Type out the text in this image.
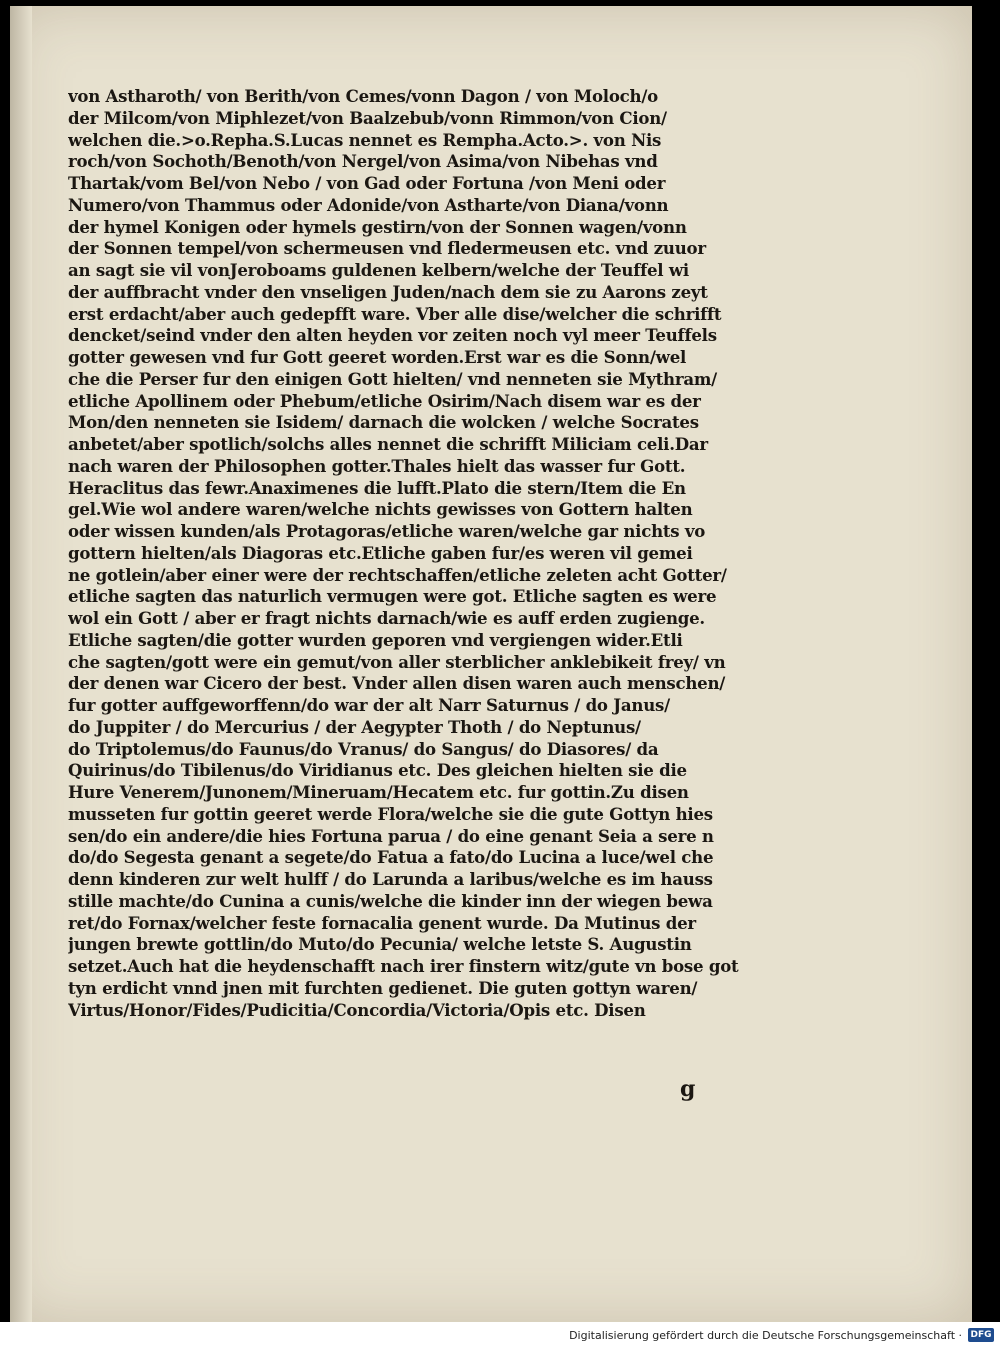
von Astharoth/ von Berith/von Cemes/vonn Dagon / von Moloch/o
der Milcom/von Miphlezet/von Baalzebub/vonn Rimmon/von Cion/
welchen die.>o.Repha.S.Lucas nennet es Rempha.Acto.>. von Nis
roch/von Sochoth/Benoth/von Nergel/von Asima/von Nibehas vnd
Thartak/vom Bel/von Nebo / von Gad oder Fortuna /von Meni oder
Numero/von Thammus oder Adonide/von Astharte/von Diana/vonn
der hymel Konigen oder hymels gestirn/von der Sonnen wagen/vonn
der Sonnen tempel/von schermeusen vnd fledermeusen etc. vnd zuuor
an sagt sie vil vonJeroboams guldenen kelbern/welche der Teuffel wi
der auffbracht vnder den vnseligen Juden/nach dem sie zu Aarons zeyt
erst erdacht/aber auch gedepfft ware. Vber alle dise/welcher die schrifft
dencket/seind vnder den alten heyden vor zeiten noch vyl meer Teuffels
gotter gewesen vnd fur Gott geeret worden.Erst war es die Sonn/wel
che die Perser fur den einigen Gott hielten/ vnd nenneten sie Mythram/
etliche Apollinem oder Phebum/etliche Osirim/Nach disem war es der
Mon/den nenneten sie Isidem/ darnach die wolcken / welche Socrates
anbetet/aber spotlich/solchs alles nennet die schrifft Miliciam celi.Dar
nach waren der Philosophen gotter.Thales hielt das wasser fur Gott.
Heraclitus das fewr.Anaximenes die lufft.Plato die stern/Item die En
gel.Wie wol andere waren/welche nichts gewisses von Gottern halten
oder wissen kunden/als Protagoras/etliche waren/welche gar nichts vo
gottern hielten/als Diagoras etc.Etliche gaben fur/es weren vil gemei
ne gotlein/aber einer were der rechtschaffen/etliche zeleten acht Gotter/
etliche sagten das naturlich vermugen were got. Etliche sagten es were
wol ein Gott / aber er fragt nichts darnach/wie es auff erden zugienge.
Etliche sagten/die gotter wurden geporen vnd vergiengen wider.Etli
che sagten/gott were ein gemut/von aller sterblicher anklebikeit frey/ vn
der denen war Cicero der best. Vnder allen disen waren auch menschen/
fur gotter auffgeworffenn/do war der alt Narr Saturnus / do Janus/
do Juppiter / do Mercurius / der Aegypter Thoth / do Neptunus/
do Triptolemus/do Faunus/do Vranus/ do Sangus/ do Diasores/ da
Quirinus/do Tibilenus/do Viridianus etc. Des gleichen hielten sie die
Hure Venerem/Junonem/Mineruam/Hecatem etc. fur gottin.Zu disen
musseten fur gottin geeret werde Flora/welche sie die gute Gottyn hies
sen/do ein andere/die hies Fortuna parua / do eine genant Seia a sere n
do/do Segesta genant a segete/do Fatua a fato/do Lucina a luce/wel che
denn kinderen zur welt hulff / do Larunda a laribus/welche es im hauss
stille machte/do Cunina a cunis/welche die kinder inn der wiegen bewa
ret/do Fornax/welcher feste fornacalia genent wurde. Da Mutinus der
jungen brewte gottlin/do Muto/do Pecunia/ welche letste S. Augustin
setzet.Auch hat die heydenschafft nach irer finstern witz/gute vn bose got
tyn erdicht vnnd jnen mit furchten gedienet. Die guten gottyn waren/
Virtus/Honor/Fides/Pudicitia/Concordia/Victoria/Opis etc. Disen
g
Digitalisierung gefördert durch die Deutsche Forschungsgemeinschaft · DFG
